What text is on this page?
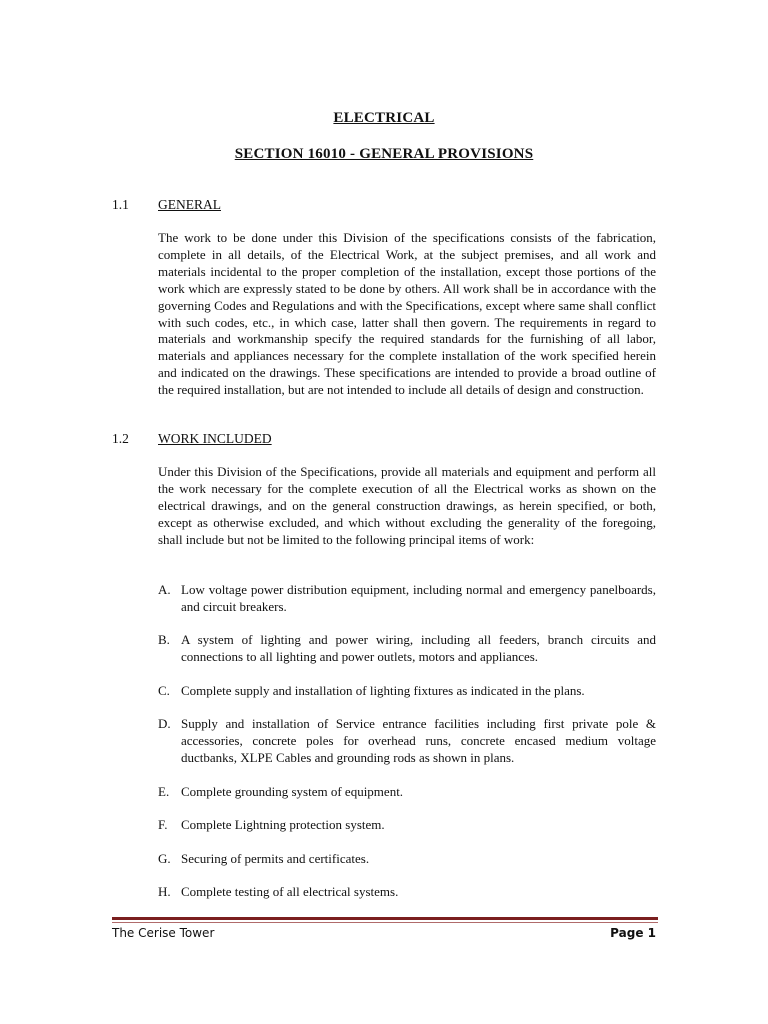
ELECTRICAL
SECTION 16010 - GENERAL PROVISIONS
1.1 GENERAL
The work to be done under this Division of the specifications consists of the fabrication, complete in all details, of the Electrical Work, at the subject premises, and all work and materials incidental to the proper completion of the installation, except those portions of the work which are expressly stated to be done by others. All work shall be in accordance with the governing Codes and Regulations and with the Specifications, except where same shall conflict with such codes, etc., in which case, latter shall then govern. The requirements in regard to materials and workmanship specify the required standards for the furnishing of all labor, materials and appliances necessary for the complete installation of the work specified herein and indicated on the drawings. These specifications are intended to provide a broad outline of the required installation, but are not intended to include all details of design and construction.
1.2 WORK INCLUDED
Under this Division of the Specifications, provide all materials and equipment and perform all the work necessary for the complete execution of all the Electrical works as shown on the electrical drawings, and on the general construction drawings, as herein specified, or both, except as otherwise excluded, and which without excluding the generality of the foregoing, shall include but not be limited to the following principal items of work:
A. Low voltage power distribution equipment, including normal and emergency panelboards, and circuit breakers.
B. A system of lighting and power wiring, including all feeders, branch circuits and connections to all lighting and power outlets, motors and appliances.
C. Complete supply and installation of lighting fixtures as indicated in the plans.
D. Supply and installation of Service entrance facilities including first private pole & accessories, concrete poles for overhead runs, concrete encased medium voltage ductbanks, XLPE Cables and grounding rods as shown in plans.
E. Complete grounding system of equipment.
F. Complete Lightning protection system.
G. Securing of permits and certificates.
H. Complete testing of all electrical systems.
The Cerise Tower	Page 1
